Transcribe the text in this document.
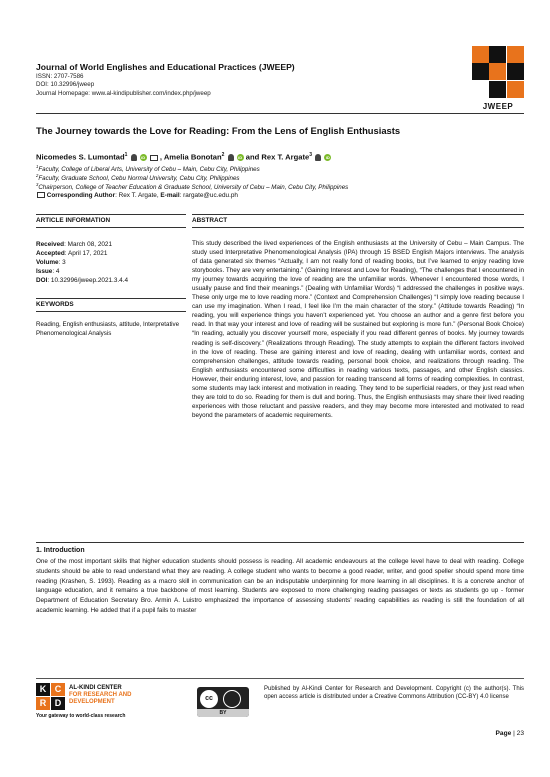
Journal of World Englishes and Educational Practices (JWEEP)
ISSN: 2707-7586
DOI: 10.32996/jweep
Journal Homepage: www.al-kindipublisher.com/index.php/jweep
JWEEP
The Journey towards the Love for Reading: From the Lens of English Enthusiasts
Nicomedes S. Lumontad$^1$	iD , Amelia Bonotan$^2$	iD and Rex T. Argate$^3$	iD
$^1$Faculty, College of Liberal Arts, University of Cebu – Main, Cebu City, Philippines
$^2$Faculty, Graduate School, Cebu Normal University, Cebu City, Philippines
$^3$Chairperson, College of Teacher Education & Graduate School, University of Cebu – Main, Cebu City, Philippines
Corresponding Author: Rex T. Argate, E-mail: rargate@uc.edu.ph
ARTICLE INFORMATION	ABSTRACT
Received: March 08, 2021
Accepted: April 17, 2021
Volume: 3
Issue: 4
DOI: 10.32996/jweep.2021.3.4.4
KEYWORDS
Reading, English enthusiasts, attitude, Interpretative Phenomenological Analysis
This study described the lived experiences of the English enthusiasts at the University of Cebu – Main Campus. The study used Interpretative Phenomenological Analysis (IPA) through 15 BSED English Majors interviews. The analysis of data generated six themes “Actually, I am not really fond of reading books, but I’ve learned to enjoy reading love storybooks. They are very entertaining.” (Gaining Interest and Love for Reading), “The challenges that I encountered in my journey towards acquiring the love of reading are the unfamiliar words. Whenever I encountered those words, I usually pause and find their meanings.” (Dealing with Unfamiliar Words) “I addressed the challenges in positive ways. These only urge me to love reading more.” (Context and Comprehension Challenges) “I simply love reading because I can use my imagination. When I read, I feel like I’m the main character of the story.” (Attitude towards Reading) “In reading, you will experience things you haven’t experienced yet. You choose an author and a genre first before you read. In that way your interest and love of reading will be sustained but exploring is more fun.” (Personal Book Choice) “In reading, actually you discover yourself more, especially if you read different genres of books. My journey towards reading is self-discovery.” (Realizations through Reading). The study attempts to explain the different factors involved in the love of reading. These are gaining interest and love of reading, dealing with unfamiliar words, context and comprehension challenges, attitude towards reading, personal book choice, and realizations through reading. The English enthusiasts encountered some difficulties in reading various texts, passages, and other English classics. However, their enduring interest, love, and passion for reading transcend all forms of reading complexities. In contrast, some students may lack interest and motivation in reading. They tend to be superficial readers, or they just read when they are told to do so. Reading for them is dull and boring. Thus, the English enthusiasts may share their lived reading experiences with those reluctant and passive readers, and they may become more interested and motivated to read beyond the parameters of academic requirements.
1. Introduction
One of the most important skills that higher education students should possess is reading. All academic endeavours at the college level have to deal with reading. College students should be able to read understand what they are reading. A college student who wants to become a good reader, writer, and good speller should spend more time reading (Krashen, S. 1993). Reading as a macro skill in communication can be an indisputable underpinning for more learning in all disciplines. It is a concrete anchor of language education, and it remains a true backbone of most learning. Students are exposed to more challenging reading passages or texts as students go up - former Department of Education Secretary Bro. Armin A. Luistro emphasized the importance of assessing students’ reading capabilities as reading is still the foundation of all academic learning. He added that if a pupil fails to master
K C
R D
AL-KINDI CENTER
FOR RESEARCH AND
DEVELOPMENT
Your gateway to world-class research
cc
BY
Published by Al-Kindi Center for Research and Development. Copyright (c) the author(s). This open access article is distributed under a Creative Commons Attribution (CC-BY) 4.0 license
Page | 23
